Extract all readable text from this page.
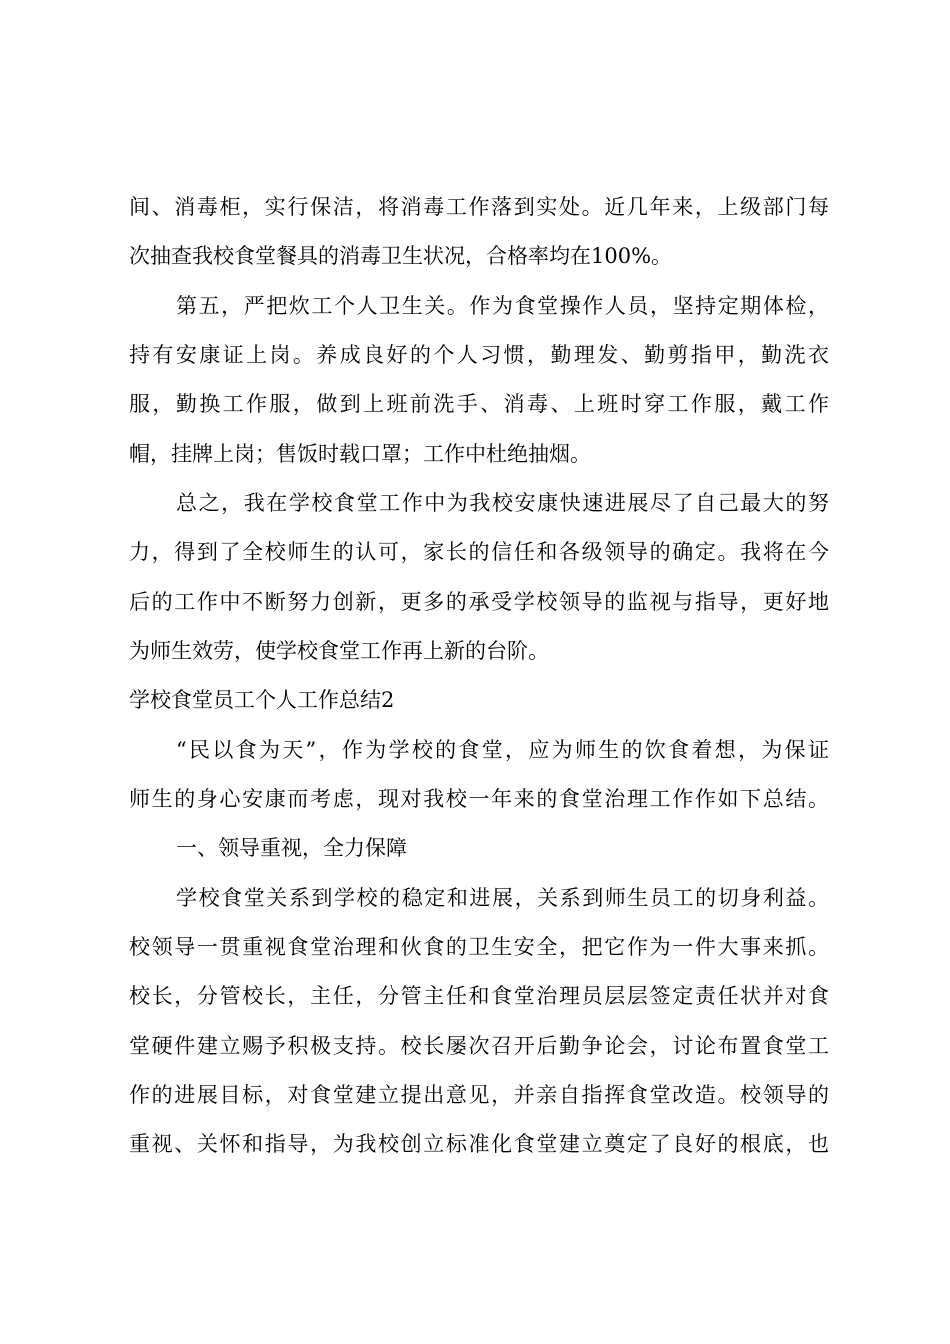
间、消毒柜，实行保洁，将消毒工作落到实处。近几年来，上级部门每
次抽查我校食堂餐具的消毒卫生状况，合格率均在100%。
第五，严把炊工个人卫生关。作为食堂操作人员，坚持定期体检，
持有安康证上岗。养成良好的个人习惯，勤理发、勤剪指甲，勤洗衣
服，勤换工作服，做到上班前洗手、消毒、上班时穿工作服，戴工作
帽，挂牌上岗；售饭时载口罩；工作中杜绝抽烟。
总之，我在学校食堂工作中为我校安康快速进展尽了自己最大的努
力，得到了全校师生的认可，家长的信任和各级领导的确定。我将在今
后的工作中不断努力创新，更多的承受学校领导的监视与指导，更好地
为师生效劳，使学校食堂工作再上新的台阶。
学校食堂员工个人工作总结2
“民以食为天”，作为学校的食堂，应为师生的饮食着想，为保证
师生的身心安康而考虑，现对我校一年来的食堂治理工作作如下总结。
一、领导重视，全力保障
学校食堂关系到学校的稳定和进展，关系到师生员工的切身利益。
校领导一贯重视食堂治理和伙食的卫生安全，把它作为一件大事来抓。
校长，分管校长，主任，分管主任和食堂治理员层层签定责任状并对食
堂硬件建立赐予积极支持。校长屡次召开后勤争论会，讨论布置食堂工
作的进展目标，对食堂建立提出意见，并亲自指挥食堂改造。校领导的
重视、关怀和指导，为我校创立标准化食堂建立奠定了良好的根底，也
